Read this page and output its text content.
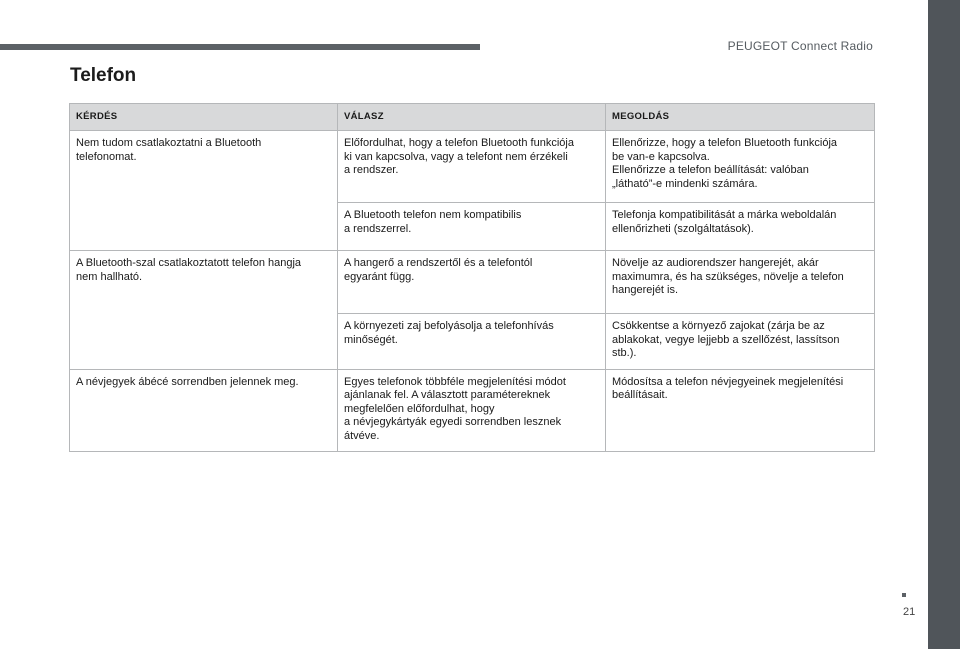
PEUGEOT Connect Radio
Telefon
KÉRDÉS	VÁLASZ	MEGOLDÁS

Nem tudom csatlakoztatni a Bluetooth
telefonomat.	Előfordulhat, hogy a telefon Bluetooth funkciója
ki van kapcsolva, vagy a telefont nem érzékeli
a rendszer.	Ellenőrizze, hogy a telefon Bluetooth funkciója
be van-e kapcsolva.
Ellenőrizze a telefon beállítását: valóban
„látható”-e mindenki számára.

	A Bluetooth telefon nem kompatibilis
a rendszerrel.	Telefonja kompatibilitását a márka weboldalán
ellenőrizheti (szolgáltatások).

A Bluetooth-szal csatlakoztatott telefon hangja
nem hallható.	A hangerő a rendszertől és a telefontól
egyaránt függ.	Növelje az audiorendszer hangerejét, akár
maximumra, és ha szükséges, növelje a telefon
hangerejét is.

	A környezeti zaj befolyásolja a telefonhívás
minőségét.	Csökkentse a környező zajokat (zárja be az
ablakokat, vegye lejjebb a szellőzést, lassítson
stb.).

A névjegyek ábécé sorrendben jelennek meg.	Egyes telefonok többféle megjelenítési módot
ajánlanak fel. A választott paramétereknek
megfelelően előfordulhat, hogy
a névjegykártyák egyedi sorrendben lesznek
átvéve.	Módosítsa a telefon névjegyeinek megjelenítési
beállításait.
21
